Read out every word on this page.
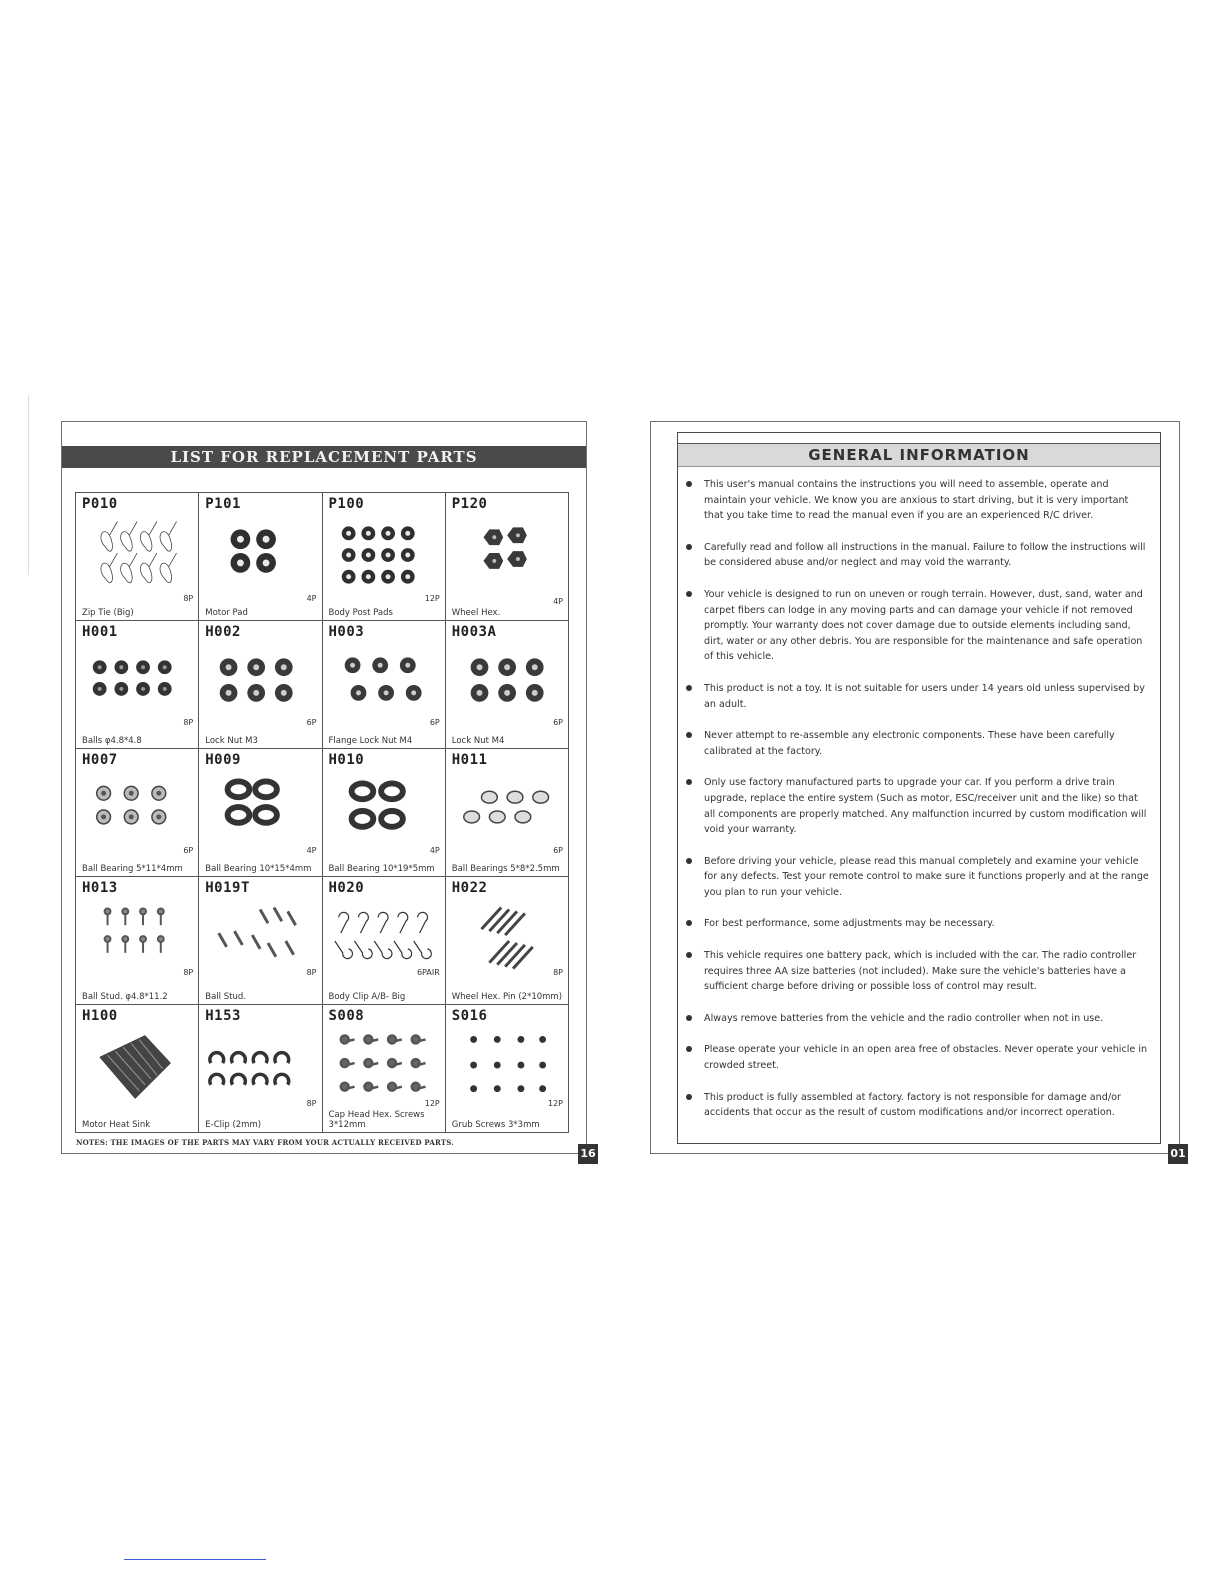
LIST FOR REPLACEMENT PARTS
P010
8P
Zip Tie (Big)	P101
4P
Motor Pad	P100
12P
Body Post Pads	P120
4P
Wheel Hex.

H001
8P
Balls φ4.8*4.8	H002
6P
Lock Nut M3	H003
6P
Flange Lock Nut M4	H003A
6P
Lock Nut M4

H007
6P
Ball Bearing 5*11*4mm	H009
4P
Ball Bearing 10*15*4mm	H010
4P
Ball Bearing 10*19*5mm	H011
6P
Ball Bearings 5*8*2.5mm

H013
8P
Ball Stud. φ4.8*11.2	H019T
8P
Ball Stud.	H020
6PAIR
Body Clip A/B- Big	H022
8P
Wheel Hex. Pin (2*10mm)

H100
Motor Heat Sink	H153
8P
E-Clip (2mm)	S008
12P
Cap Head Hex. Screws 3*12mm	S016
12P
Grub Screws 3*3mm
NOTES: THE IMAGES OF THE PARTS MAY VARY FROM YOUR ACTUALLY RECEIVED PARTS.
16
GENERAL INFORMATION
This user's manual contains the instructions you will need to assemble, operate and maintain your vehicle. We know you are anxious to start driving, but it is very important that you take time to read the manual even if you are an experienced R/C driver.
Carefully read and follow all instructions in the manual. Failure to follow the instructions will be considered abuse and/or neglect and may void the warranty.
Your vehicle is designed to run on uneven or rough terrain. However, dust, sand, water and carpet fibers can lodge in any moving parts and can damage your vehicle if not removed promptly. Your warranty does not cover damage due to outside elements including sand, dirt, water or any other debris. You are responsible for the maintenance and safe operation of this vehicle.
This product is not a toy. It is not suitable for users under 14 years old unless supervised by an adult.
Never attempt to re-assemble any electronic components. These have been carefully calibrated at the factory.
Only use factory manufactured parts to upgrade your car. If you perform a drive train upgrade, replace the entire system (Such as motor, ESC/receiver unit and the like) so that all components are properly matched. Any malfunction incurred by custom modification will void your warranty.
Before driving your vehicle, please read this manual completely and examine your vehicle for any defects. Test your remote control to make sure it functions properly and at the range you plan to run your vehicle.
For best performance, some adjustments may be necessary.
This vehicle requires one battery pack, which is included with the car. The radio controller requires three AA size batteries (not included). Make sure the vehicle's batteries have a sufficient charge before driving or possible loss of control may result.
Always remove batteries from the vehicle and the radio controller when not in use.
Please operate your vehicle in an open area free of obstacles. Never operate your vehicle in crowded street.
This product is fully assembled at factory. factory is not responsible for damage and/or accidents that occur as the result of custom modifications and/or incorrect operation.
01
